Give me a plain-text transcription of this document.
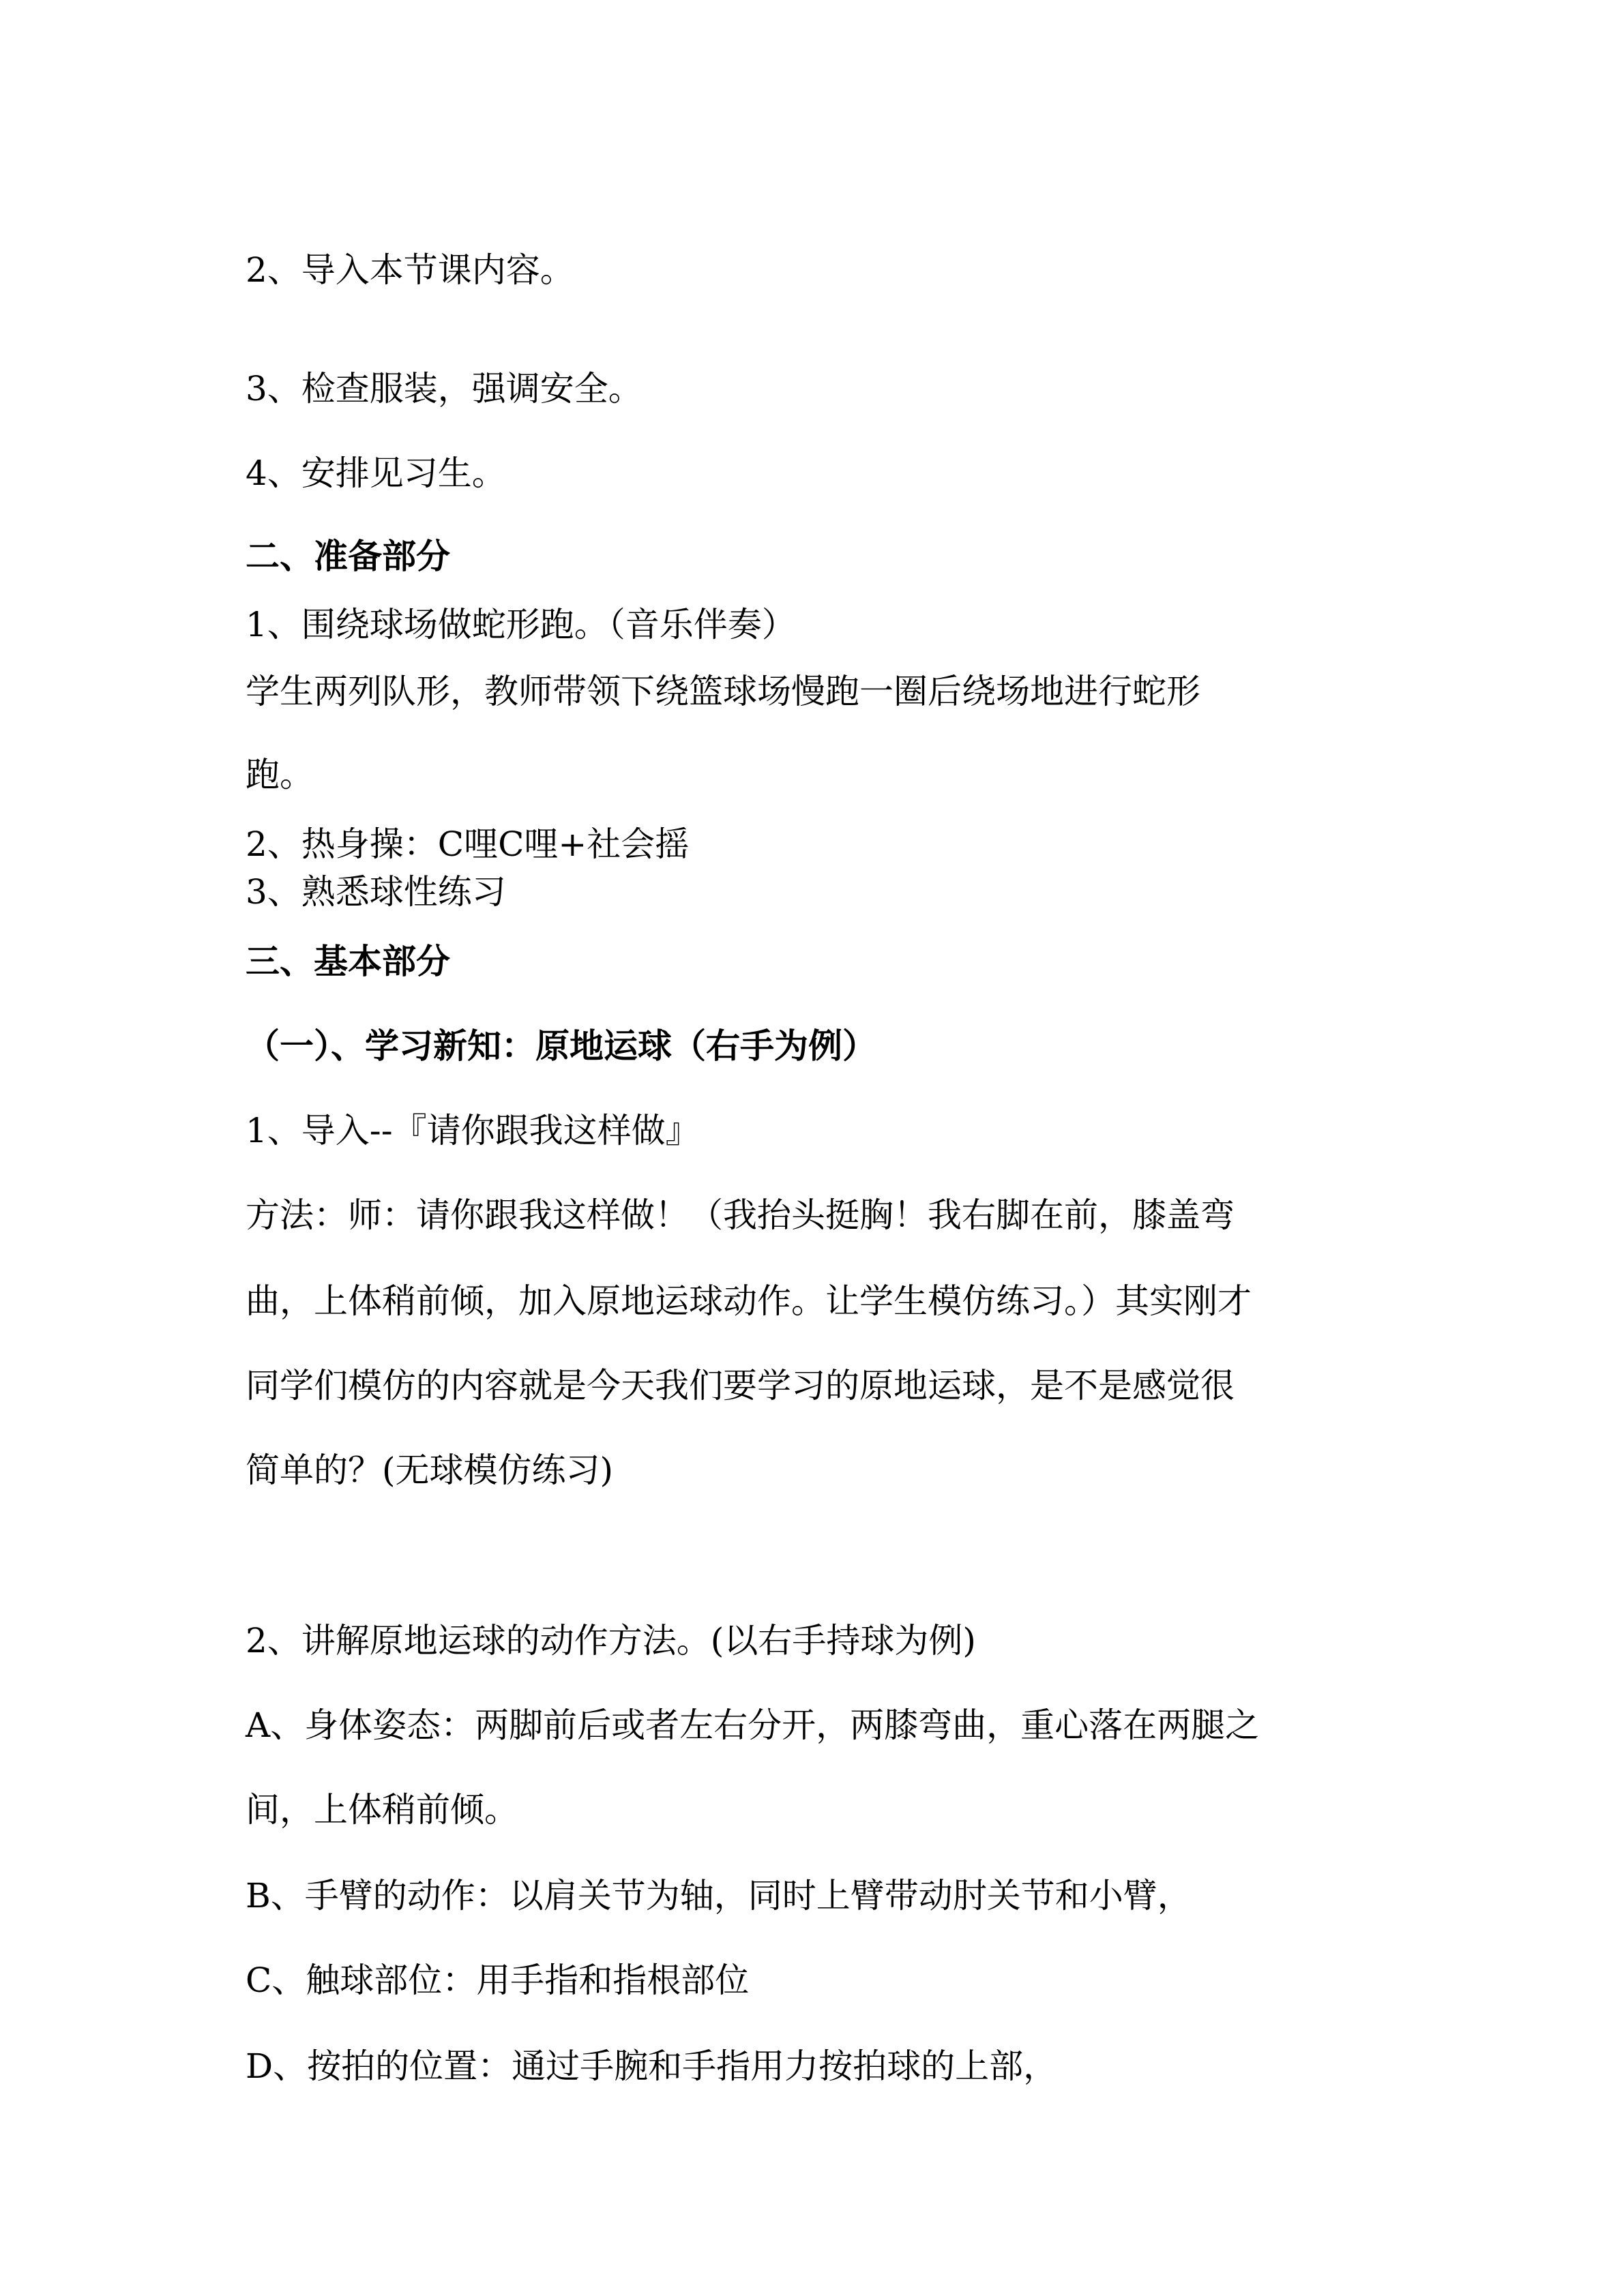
2、导入本节课内容。
3、检查服装，强调安全。
4、安排见习生。
二、准备部分
1、围绕球场做蛇形跑。（音乐伴奏）
学生两列队形，教师带领下绕篮球场慢跑一圈后绕场地进行蛇形
跑。
2、热身操：C哩C哩+社会摇
3、熟悉球性练习
三、基本部分
（一）、学习新知：原地运球（右手为例）
1、导入--『请你跟我这样做』
方法：师：请你跟我这样做！（我抬头挺胸！我右脚在前，膝盖弯
曲，上体稍前倾，加入原地运球动作。让学生模仿练习。）其实刚才
同学们模仿的内容就是今天我们要学习的原地运球，是不是感觉很
简单的？(无球模仿练习)
2、讲解原地运球的动作方法。(以右手持球为例)
A、身体姿态：两脚前后或者左右分开，两膝弯曲，重心落在两腿之
间，上体稍前倾。
B、手臂的动作：以肩关节为轴，同时上臂带动肘关节和小臂，
C、触球部位：用手指和指根部位
D、按拍的位置：通过手腕和手指用力按拍球的上部，
